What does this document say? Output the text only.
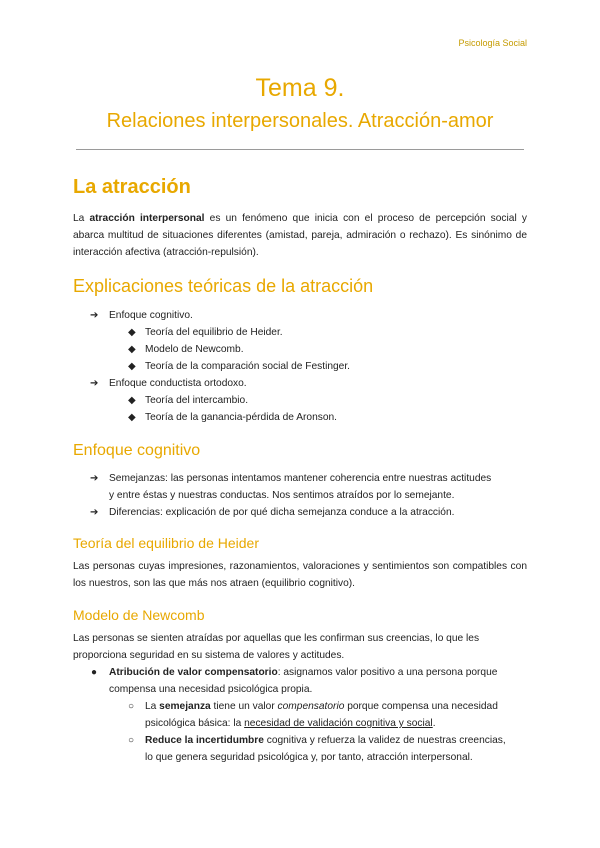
Psicología Social
Tema 9.
Relaciones interpersonales. Atracción-amor
La atracción

La atracción interpersonal es un fenómeno que inicia con el proceso de percepción social y abarca multitud de situaciones diferentes (amistad, pareja, admiración o rechazo). Es sinónimo de interacción afectiva (atracción-repulsión).

Explicaciones teóricas de la atracción
➔ Enfoque cognitivo.
◆ Teoría del equilibrio de Heider.
◆ Modelo de Newcomb.
◆ Teoría de la comparación social de Festinger.
➔ Enfoque conductista ortodoxo.
◆ Teoría del intercambio.
◆ Teoría de la ganancia-pérdida de Aronson.
Enfoque cognitivo
➔ Semejanzas: las personas intentamos mantener coherencia entre nuestras actitudes
y entre éstas y nuestras conductas. Nos sentimos atraídos por lo semejante.
➔ Diferencias: explicación de por qué dicha semejanza conduce a la atracción.
Teoría del equilibrio de Heider

Las personas cuyas impresiones, razonamientos, valoraciones y sentimientos son compatibles con los nuestros, son las que más nos atraen (equilibrio cognitivo).

Modelo de Newcomb
Las personas se sienten atraídas por aquellas que les confirman sus creencias, lo que les
proporciona seguridad en su sistema de valores y actitudes.
● Atribución de valor compensatorio: asignamos valor positivo a una persona porque
compensa una necesidad psicológica propia.
○ La semejanza tiene un valor compensatorio porque compensa una necesidad
psicológica básica: la necesidad de validación cognitiva y social.
○ Reduce la incertidumbre cognitiva y refuerza la validez de nuestras creencias,
lo que genera seguridad psicológica y, por tanto, atracción interpersonal.
